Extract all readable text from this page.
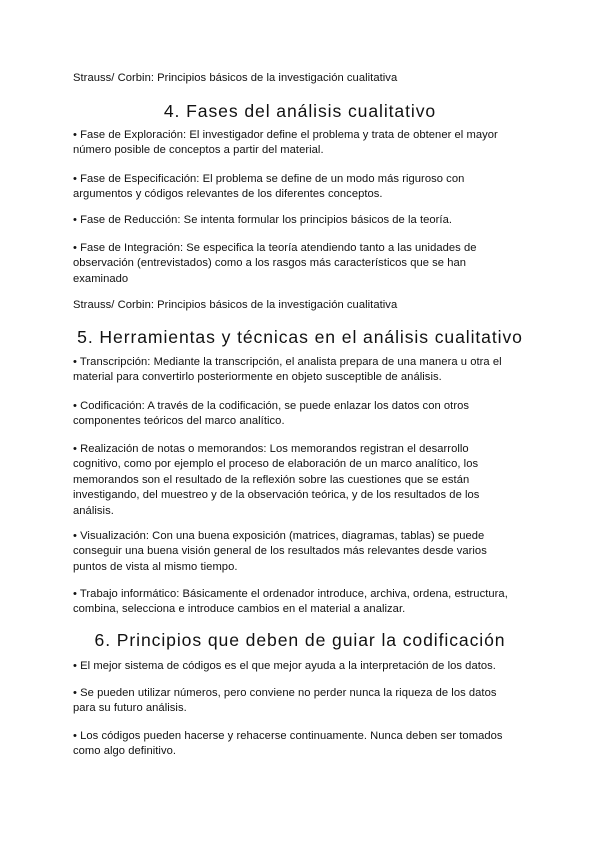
Strauss/ Corbin: Principios básicos de la investigación cualitativa
4. Fases del análisis cualitativo
• Fase de Exploración: El investigador define el problema y trata de obtener el mayor
número posible de conceptos a partir del material.
• Fase de Especificación: El problema se define de un modo más riguroso con
argumentos y códigos relevantes de los diferentes conceptos.
• Fase de Reducción: Se intenta formular los principios básicos de la teoría.
• Fase de Integración: Se especifica la teoría atendiendo tanto a las unidades de
observación (entrevistados) como a los rasgos más característicos que se han
examinado
Strauss/ Corbin: Principios básicos de la investigación cualitativa
5. Herramientas y técnicas en el análisis cualitativo
• Transcripción: Mediante la transcripción, el analista prepara de una manera u otra el
material para convertirlo posteriormente en objeto susceptible de análisis.
• Codificación: A través de la codificación, se puede enlazar los datos con otros
componentes teóricos del marco analítico.
• Realización de notas o memorandos: Los memorandos registran el desarrollo
cognitivo, como por ejemplo el proceso de elaboración de un marco analítico, los
memorandos son el resultado de la reflexión sobre las cuestiones que se están
investigando, del muestreo y de la observación teórica, y de los resultados de los
análisis.
• Visualización: Con una buena exposición (matrices, diagramas, tablas) se puede
conseguir una buena visión general de los resultados más relevantes desde varios
puntos de vista al mismo tiempo.
• Trabajo informático: Básicamente el ordenador introduce, archiva, ordena, estructura,
combina, selecciona e introduce cambios en el material a analizar.
6. Principios que deben de guiar la codificación
• El mejor sistema de códigos es el que mejor ayuda a la interpretación de los datos.
• Se pueden utilizar números, pero conviene no perder nunca la riqueza de los datos
para su futuro análisis.
• Los códigos pueden hacerse y rehacerse continuamente. Nunca deben ser tomados
como algo definitivo.
